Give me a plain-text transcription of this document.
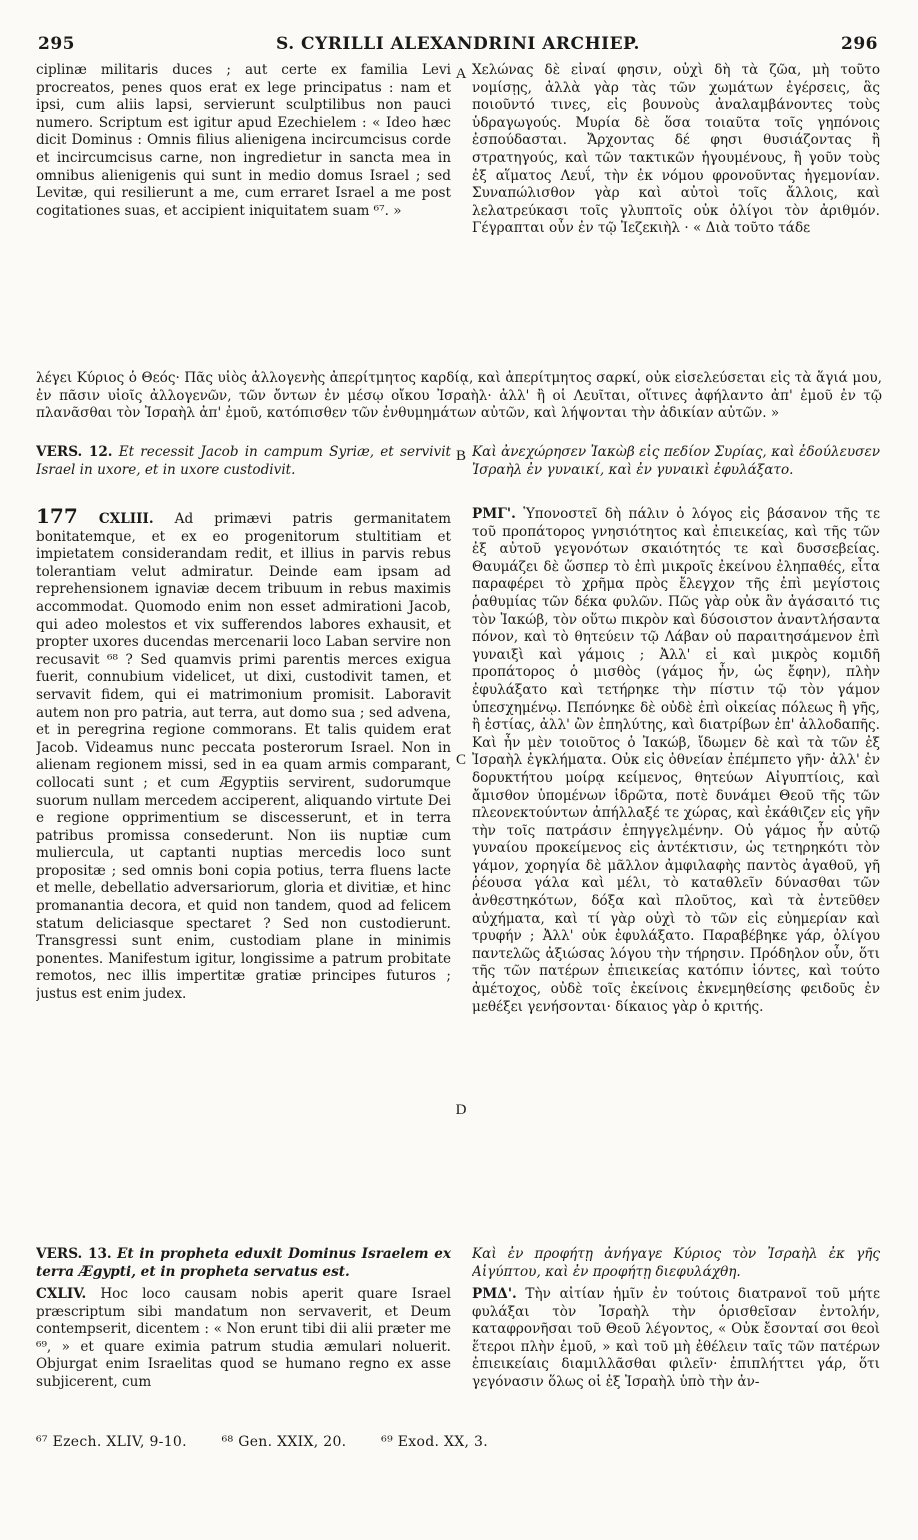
S. CYRILLI ALEXANDRINI ARCHIEP.
295	296

ciplinæ militaris duces ; aut certe ex familia Levi procreatos, penes quos erat ex lege principatus : nam et ipsi, cum aliis lapsi, servierunt sculptilibus non pauci numero. Scriptum est igitur apud Ezechielem : « Ideo hæc dicit Dominus : Omnis filius alienigena incircumcisus corde et incircumcisus carne, non ingredietur in sancta mea in omnibus alienigenis qui sunt in medio domus Israel ; sed Levitæ, qui resilierunt a me, cum erraret Israel a me post cogitationes suas, et accipient iniquitatem suam ⁶⁷. »

Χελώνας δὲ εἶναί φησιν, οὐχὶ δὴ τὰ ζῶα, μὴ τοῦτο νομίσῃς, ἀλλὰ γὰρ τὰς τῶν χωμάτων ἐγέρσεις, ἃς ποιοῦντό τινες, εἰς βουνοὺς ἀναλαμβάνοντες τοὺς ὑδραγωγούς. Μυρία δὲ ὅσα τοιαῦτα τοῖς γηπόνοις ἐσπούδασται. Ἄρχοντας δέ φησι θυσιάζοντας ἢ στρατηγούς, καὶ τῶν τακτικῶν ἡγουμένους, ἢ γοῦν τοὺς ἐξ αἵματος Λευΐ, τὴν ἐκ νόμου φρονοῦντας ἡγεμονίαν. Συναπώλισθον γὰρ καὶ αὐτοὶ τοῖς ἄλλοις, καὶ λελατρεύκασι τοῖς γλυπτοῖς οὐκ ὀλίγοι τὸν ἀριθμόν. Γέγραπται οὖν ἐν τῷ Ἰεζεκιὴλ · « Διὰ τοῦτο τάδε

A

λέγει Κύριος ὁ Θεός· Πᾶς υἱὸς ἀλλογενὴς ἀπερίτμητος καρδίᾳ, καὶ ἀπερίτμητος σαρκί, οὐκ εἰσελεύσεται εἰς τὰ ἅγιά μου, ἐν πᾶσιν υἱοῖς ἀλλογενῶν, τῶν ὄντων ἐν μέσῳ οἴκου Ἰσραὴλ· ἀλλ' ἢ οἱ Λευῖται, οἵτινες ἀφήλαντο ἀπ' ἐμοῦ ἐν τῷ πλανᾶσθαι τὸν Ἰσραὴλ ἀπ' ἐμοῦ, κατόπισθεν τῶν ἐνθυμημάτων αὐτῶν, καὶ λήψονται τὴν ἀδικίαν αὐτῶν. »

VERS. 12. Et recessit Jacob in campum Syriæ, et servivit Israel in uxore, et in uxore custodivit.

Καὶ ἀνεχώρησεν Ἰακὼβ εἰς πεδίον Συρίας, καὶ ἐδούλευσεν Ἰσραὴλ ἐν γυναικί, καὶ ἐν γυναικὶ ἐφυλάξατο.

B

177 CXLIII. Ad primævi patris germanitatem bonitatemque, et ex eo progenitorum stultitiam et impietatem considerandam redit, et illius in parvis rebus tolerantiam velut admiratur. Deinde eam ipsam ad reprehensionem ignaviæ decem tribuum in rebus maximis accommodat. Quomodo enim non esset admirationi Jacob, qui adeo molestos et vix sufferendos labores exhausit, et propter uxores ducendas mercenarii loco Laban servire non recusavit ⁶⁸ ? Sed quamvis primi parentis merces exigua fuerit, connubium videlicet, ut dixi, custodivit tamen, et servavit fidem, qui ei matrimonium promisit. Laboravit autem non pro patria, aut terra, aut domo sua ; sed advena, et in peregrina regione commorans. Et talis quidem erat Jacob. Videamus nunc peccata posterorum Israel. Non in alienam regionem missi, sed in ea quam armis comparant, collocati sunt ; et cum Ægyptiis servirent, sudorumque suorum nullam mercedem acciperent, aliquando virtute Dei e regione opprimentium se discesserunt, et in terra patribus promissa consederunt. Non iis nuptiæ cum muliercula, ut captanti nuptias mercedis loco sunt propositæ ; sed omnis boni copia potius, terra fluens lacte et melle, debellatio adversariorum, gloria et divitiæ, et hinc promanantia decora, et quid non tandem, quod ad felicem statum deliciasque spectaret ? Sed non custodierunt. Transgressi sunt enim, custodiam plane in minimis ponentes. Manifestum igitur, longissime a patrum probitate remotos, nec illis impertitæ gratiæ principes futuros ; justus est enim judex.

ΡΜΓ'. Ὑπονοστεῖ δὴ πάλιν ὁ λόγος εἰς βάσανον τῆς τε τοῦ προπάτορος γνησιότητος καὶ ἐπιεικείας, καὶ τῆς τῶν ἐξ αὐτοῦ γεγονότων σκαιότητός τε καὶ δυσσεβείας. Θαυμάζει δὲ ὥσπερ τὸ ἐπὶ μικροῖς ἐκείνου ἐληπαθές, εἶτα παραφέρει τὸ χρῆμα πρὸς ἔλεγχον τῆς ἐπὶ μεγίστοις ῥαθυμίας τῶν δέκα φυλῶν. Πῶς γὰρ οὐκ ἂν ἀγάσαιτό τις τὸν Ἰακώβ, τὸν οὕτω πικρὸν καὶ δύσοιστον ἀναντλήσαντα πόνον, καὶ τὸ θητεύειν τῷ Λάβαν οὐ παραιτησάμενον ἐπὶ γυναιξὶ καὶ γάμοις ; Ἀλλ' εἰ καὶ μικρὸς κομιδῆ προπάτορος ὁ μισθὸς (γάμος ἦν, ὡς ἔφην), πλὴν ἐφυλάξατο καὶ τετήρηκε τὴν πίστιν τῷ τὸν γάμον ὑπεσχημένῳ. Πεπόνηκε δὲ οὐδὲ ἐπὶ οἰκείας πόλεως ἢ γῆς, ἢ ἑστίας, ἀλλ' ὢν ἐπηλύτης, καὶ διατρίβων ἐπ' ἀλλοδαπῆς. Καὶ ἦν μὲν τοιοῦτος ὁ Ἰακώβ, ἴδωμεν δὲ καὶ τὰ τῶν ἐξ Ἰσραὴλ ἐγκλήματα. Οὐκ εἰς ὀθνείαν ἐπέμπετο γῆν· ἀλλ' ἐν δορυκτήτου μοίρᾳ κείμενος, θητεύων Αἰγυπτίοις, καὶ ἄμισθον ὑπομένων ἱδρῶτα, ποτὲ δυνάμει Θεοῦ τῆς τῶν πλεονεκτούντων ἀπήλλαξέ τε χώρας, καὶ ἐκάθιζεν εἰς γῆν τὴν τοῖς πατράσιν ἐπηγγελμένην. Οὐ γάμος ἦν αὐτῷ γυναίου προκείμενος εἰς ἀντέκτισιν, ὡς τετηρηκότι τὸν γάμον, χορηγία δὲ μᾶλλον ἀμφιλαφὴς παντὸς ἀγαθοῦ, γῆ ῥέουσα γάλα καὶ μέλι, τὸ καταθλεῖν δύνασθαι τῶν ἀνθεστηκότων, δόξα καὶ πλοῦτος, καὶ τὰ ἐντεῦθεν αὐχήματα, καὶ τί γὰρ οὐχὶ τὸ τῶν εἰς εὐημερίαν καὶ τρυφήν ; Ἀλλ' οὐκ ἐφυλάξατο. Παραβέβηκε γάρ, ὀλίγου παντελῶς ἀξιώσας λόγου τὴν τήρησιν. Πρόδηλον οὖν, ὅτι τῆς τῶν πατέρων ἐπιεικείας κατόπιν ἰόντες, καὶ τούτο ἀμέτοχος, οὐδὲ τοῖς ἐκείνοις ἐκνεμηθείσης φειδοῦς ἐν μεθέξει γενήσονται· δίκαιος γὰρ ὁ κριτής.

C
D

VERS. 13. Et in propheta eduxit Dominus Israelem ex terra Ægypti, et in propheta servatus est.

Καὶ ἐν προφήτῃ ἀνήγαγε Κύριος τὸν Ἰσραὴλ ἐκ γῆς Αἰγύπτου, καὶ ἐν προφήτῃ διεφυλάχθη.

CXLIV. Hoc loco causam nobis aperit quare Israel præscriptum sibi mandatum non servaverit, et Deum contempserit, dicentem : « Non erunt tibi dii alii præter me ⁶⁹, » et quare eximia patrum studia æmulari noluerit. Objurgat enim Israelitas quod se humano regno ex asse subjicerent, cum

ΡΜΔ'. Τὴν αἰτίαν ἡμῖν ἐν τούτοις διατρανοῖ τοῦ μήτε φυλάξαι τὸν Ἰσραὴλ τὴν ὁρισθεῖσαν ἐντολήν, καταφρονῆσαι τοῦ Θεοῦ λέγοντος, « Οὐκ ἔσονταί σοι θεοὶ ἕτεροι πλὴν ἐμοῦ, » καὶ τοῦ μὴ ἐθέλειν ταῖς τῶν πατέρων ἐπιεικείαις διαμιλλᾶσθαι φιλεῖν· ἐπιπλήττει γάρ, ὅτι γεγόνασιν ὅλως οἱ ἐξ Ἰσραὴλ ὑπὸ τὴν ἀν-

⁶⁷ Ezech. XLIV, 9-10. ⁶⁸ Gen. XXIX, 20. ⁶⁹ Exod. XX, 3.
